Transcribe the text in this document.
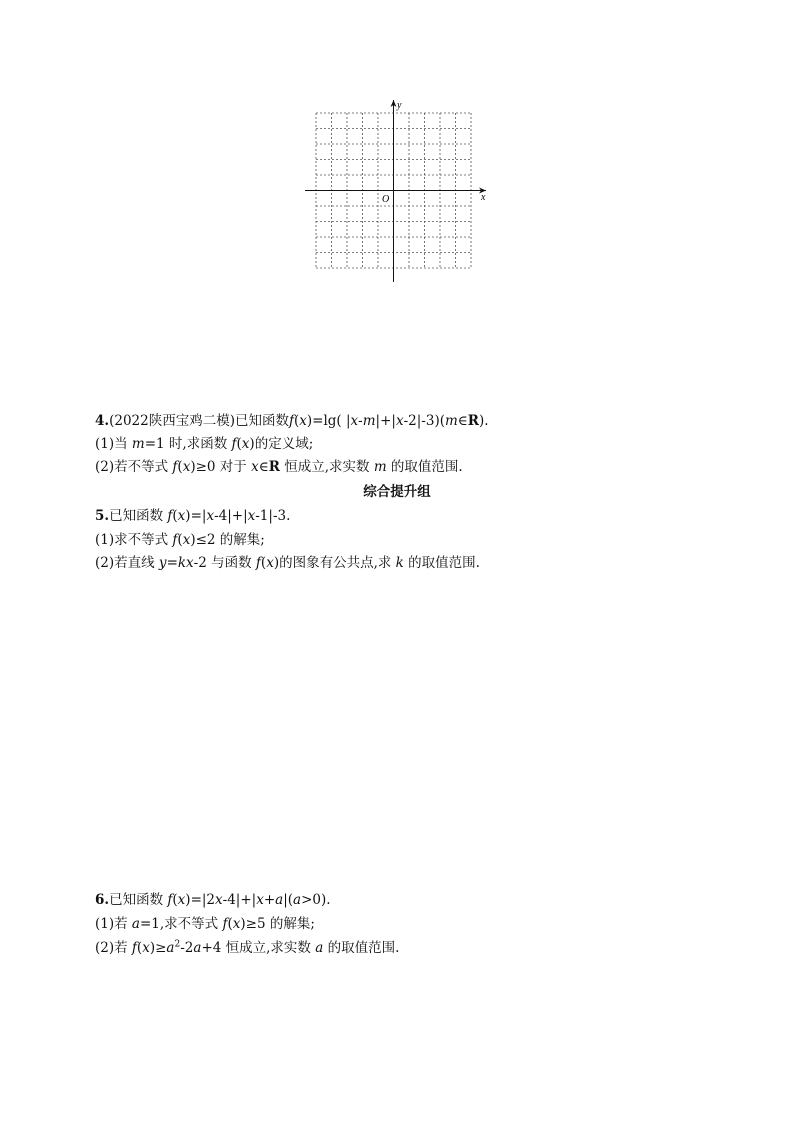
y
x
O
4.(2022陕西宝鸡二模)已知函数f(x)=lg( |x-m|+|x-2|-3)(m∈R).
(1)当 m=1 时,求函数 f(x)的定义域;
(2)若不等式 f(x)≥0 对于 x∈R 恒成立,求实数 m 的取值范围.
综合提升组
5.已知函数 f(x)=|x-4|+|x-1|-3.
(1)求不等式 f(x)≤2 的解集;
(2)若直线 y=kx-2 与函数 f(x)的图象有公共点,求 k 的取值范围.
6.已知函数 f(x)=|2x-4|+|x+a|(a>0).
(1)若 a=1,求不等式 f(x)≥5 的解集;
(2)若 $f(x)\ge a^2-2a+4$ 恒成立,求实数 a 的取值范围.
